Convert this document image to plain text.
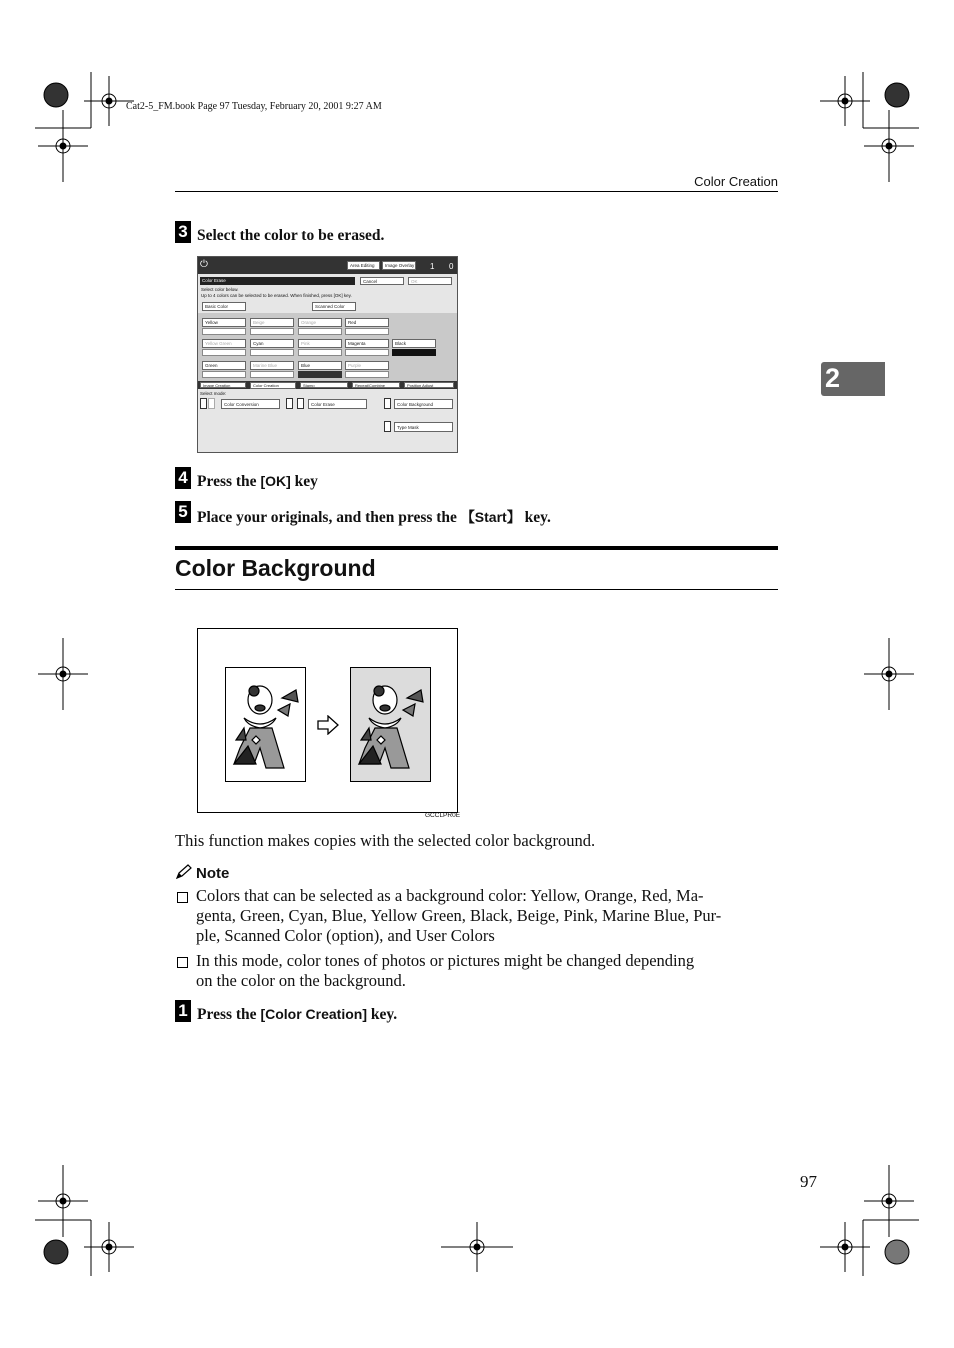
Cat2-5_FM.book Page 97 Tuesday, February 20, 2001 9:27 AM
Color Creation
2
3 Select the color to be erased.
⏻	Area Editing	Image Overlay 1 0
Color Erase	Cancel	OK
Select color below.
Up to 4 colors can be selected to be erased. When finished, press [OK] key.
Basic Color	Scanned Color
Yellow	Beige	Orange	Red
Yellow Green	Cyan	Pink	Magenta	Black
Green	Marine Blue	Blue	Purple
Image Creation	Color Creation	Stamp	Repeat/Combine	Position Adjust
Select mode:
Color Conversion	Color Erase	Color Background
Type Mask
4 Press the [OK] key
5 Place your originals, and then press the 【Start】 key.
Color Background
GCCLPR0E
This function makes copies with the selected color background.
Note
Colors that can be selected as a background color: Yellow, Orange, Red, Ma-
genta, Green, Cyan, Blue, Yellow Green, Black, Beige, Pink, Marine Blue, Pur-
ple, Scanned Color (option), and User Colors
In this mode, color tones of photos or pictures might be changed depending
on the color on the background.
1 Press the [Color Creation] key.
97
